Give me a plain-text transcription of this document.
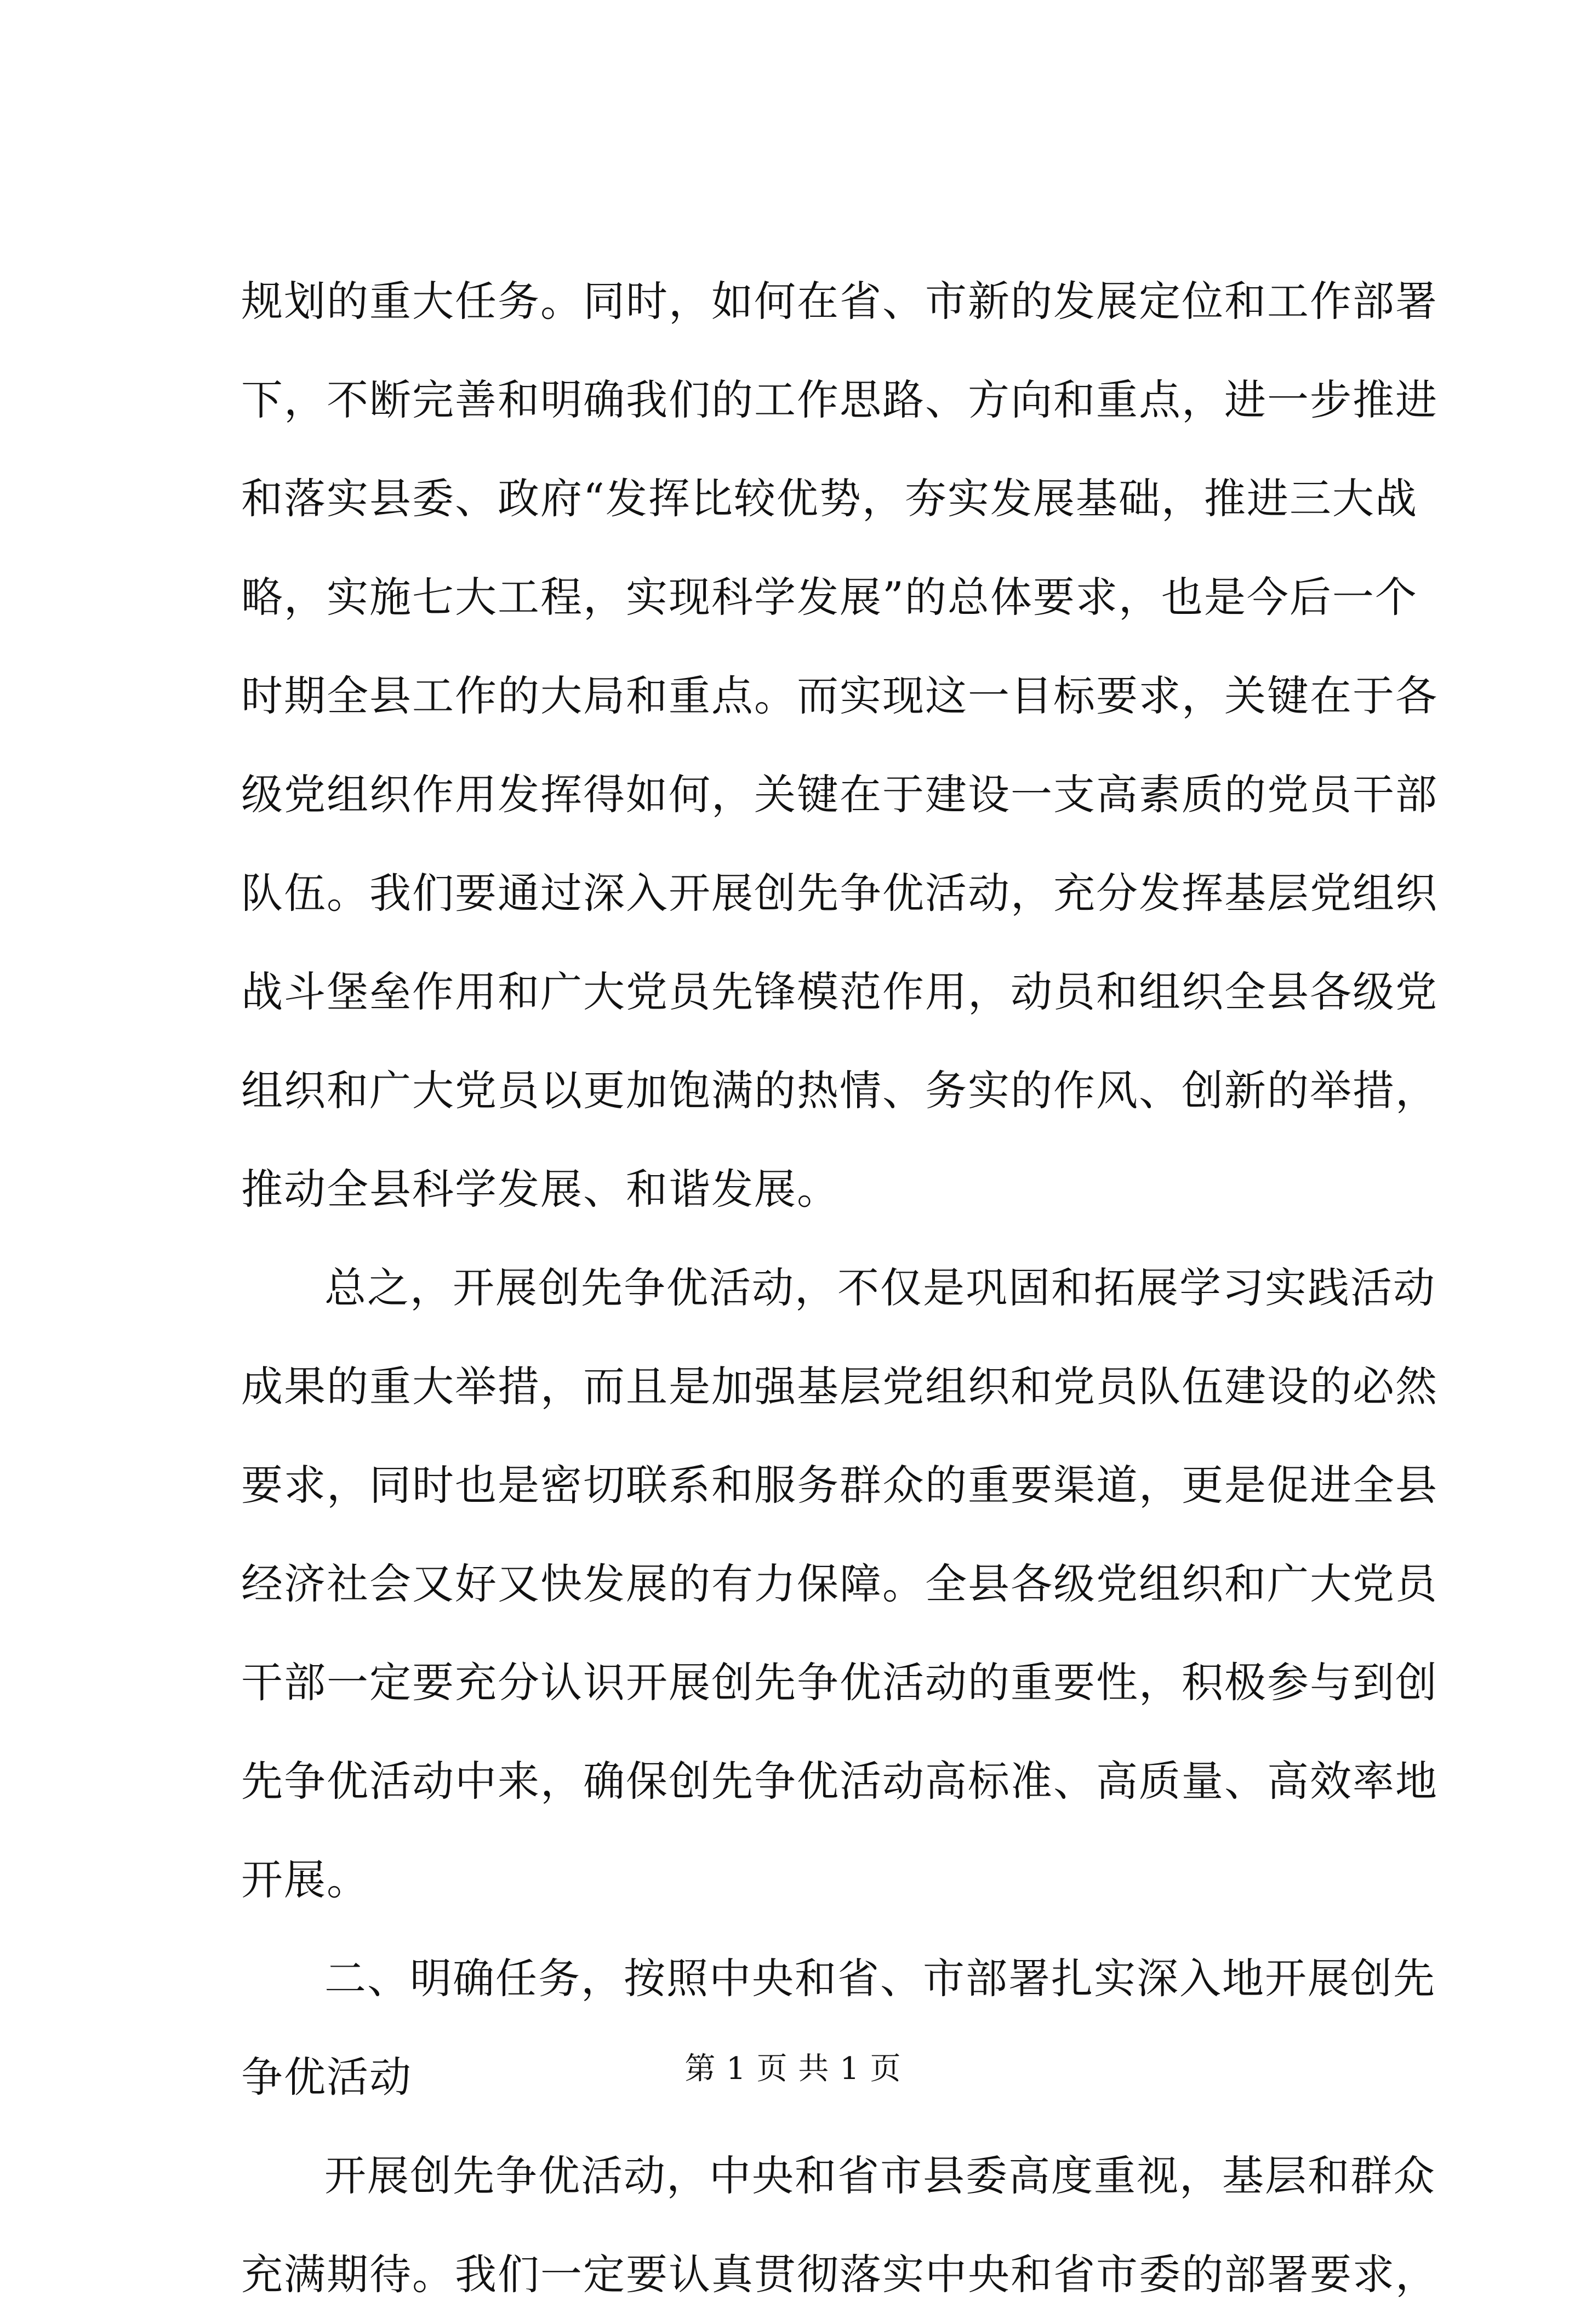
规划的重大任务。同时，如何在省、市新的发展定位和工作部署
下，不断完善和明确我们的工作思路、方向和重点，进一步推进
和落实县委、政府“发挥比较优势，夯实发展基础，推进三大战
略，实施七大工程，实现科学发展”的总体要求，也是今后一个
时期全县工作的大局和重点。而实现这一目标要求，关键在于各
级党组织作用发挥得如何，关键在于建设一支高素质的党员干部
队伍。我们要通过深入开展创先争优活动，充分发挥基层党组织
战斗堡垒作用和广大党员先锋模范作用，动员和组织全县各级党
组织和广大党员以更加饱满的热情、务实的作风、创新的举措，
推动全县科学发展、和谐发展。
总之，开展创先争优活动，不仅是巩固和拓展学习实践活动
成果的重大举措，而且是加强基层党组织和党员队伍建设的必然
要求，同时也是密切联系和服务群众的重要渠道，更是促进全县
经济社会又好又快发展的有力保障。全县各级党组织和广大党员
干部一定要充分认识开展创先争优活动的重要性，积极参与到创
先争优活动中来，确保创先争优活动高标准、高质量、高效率地
开展。
二、明确任务，按照中央和省、市部署扎实深入地开展创先
争优活动
开展创先争优活动，中央和省市县委高度重视，基层和群众
充满期待。我们一定要认真贯彻落实中央和省市委的部署要求，
第 1 页 共 1 页
